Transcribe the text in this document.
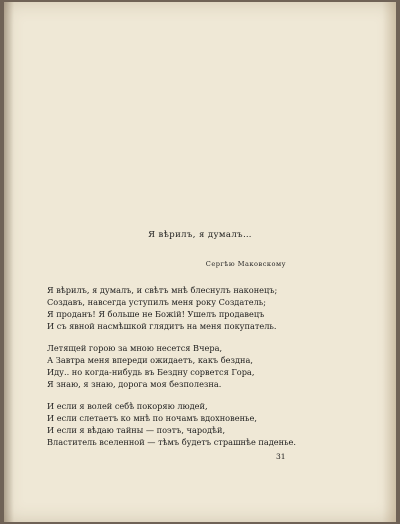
Я вѣрилъ, я думалъ…
Сергѣю Маковскому
Я вѣрилъ, я думалъ, и свѣтъ мнѣ блеснулъ наконецъ;
Создавъ, навсегда уступилъ меня року Создатель;
Я проданъ! Я больше не Божій! Ушелъ продавецъ
И съ явной насмѣшкой глядитъ на меня покупатель.
Летящей горою за мною несется Вчера,
А Завтра меня впереди ожидаетъ, какъ бездна,
Иду.. но когда-нибудь въ Бездну сорвется Гора,
Я знаю, я знаю, дорога моя безполезна.
И если я волей себѣ покоряю людей,
И если слетаетъ ко мнѣ по ночамъ вдохновенье,
И если я вѣдаю тайны — поэтъ, чародѣй,
Властитель вселенной — тѣмъ будетъ страшнѣе паденье.
31
